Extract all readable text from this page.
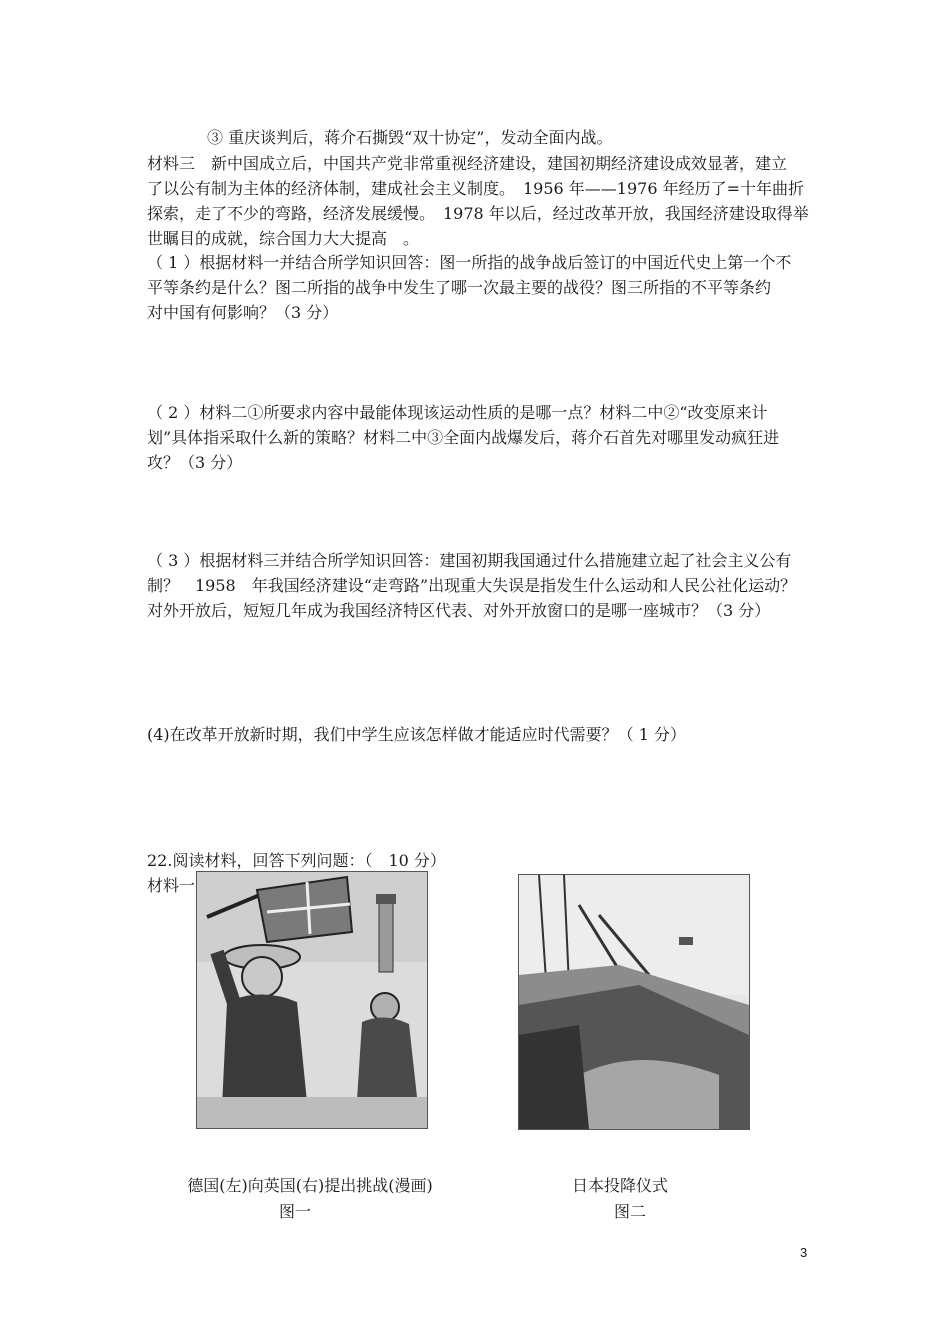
③ 重庆谈判后，蒋介石撕毁“双十协定”，发动全面内战。
材料三　新中国成立后，中国共产党非常重视经济建设，建国初期经济建设成效显著，建立
了以公有制为主体的经济体制，建成社会主义制度。　1956 年——1976 年经历了=十年曲折
探索，走了不少的弯路，经济发展缓慢。　1978 年以后，经过改革开放，我国经济建设取得举
世瞩目的成就，综合国力大大提高　。
（ 1 ）根据材料一并结合所学知识回答：图一所指的战争战后签订的中国近代史上第一个不
平等条约是什么？图二所指的战争中发生了哪一次最主要的战役？图三所指的不平等条约
对中国有何影响？（3 分）
（ 2 ）材料二①所要求内容中最能体现该运动性质的是哪一点？材料二中②“改变原来计
划”具体指采取什么新的策略？材料二中③全面内战爆发后，蒋介石首先对哪里发动疯狂进
攻？（3 分）
（ 3 ）根据材料三并结合所学知识回答：建国初期我国通过什么措施建立起了社会主义公有
制？　1958　年我国经济建设“走弯路”出现重大失误是指发生什么运动和人民公社化运动？
对外开放后，短短几年成为我国经济特区代表、对外开放窗口的是哪一座城市？（3 分）
(4)在改革开放新时期，我们中学生应该怎样做才能适应时代需要？（ 1 分）
22.阅读材料，回答下列问题：（　10 分）
材料一
德国(左)向英国(右)提出挑战(漫画)
图一
日本投降仪式
图二
3
